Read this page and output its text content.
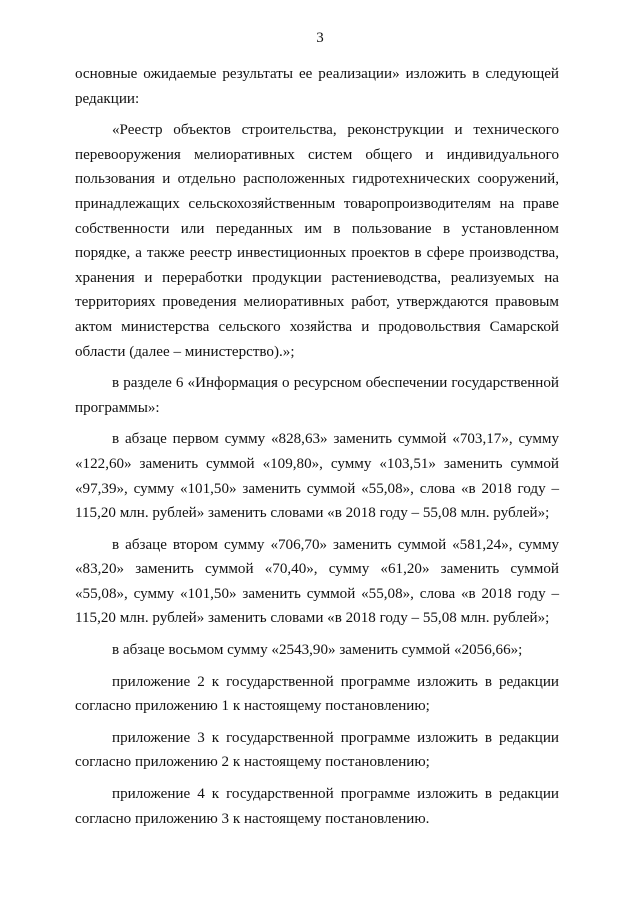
3

основные ожидаемые результаты ее реализации» изложить в следующей редакции:

«Реестр объектов строительства, реконструкции и технического перевооружения мелиоративных систем общего и индивидуального пользования и отдельно расположенных гидротехнических сооружений, принадлежащих сельскохозяйственным товаропроизводителям на праве собственности или переданных им в пользование в установленном порядке, а также реестр инвестиционных проектов в сфере производства, хранения и переработки продукции растениеводства, реализуемых на территориях проведения мелиоративных работ, утверждаются правовым актом министерства сельского хозяйства и продовольствия Самарской области (далее – министерство).»;

в разделе 6 «Информация о ресурсном обеспечении государственной программы»:

в абзаце первом сумму «828,63» заменить суммой «703,17», сумму «122,60» заменить суммой «109,80», сумму «103,51» заменить суммой «97,39», сумму «101,50» заменить суммой «55,08», слова «в 2018 году – 115,20 млн. рублей» заменить словами «в 2018 году – 55,08 млн. рублей»;

в абзаце втором сумму «706,70» заменить суммой «581,24», сумму «83,20» заменить суммой «70,40», сумму «61,20» заменить суммой «55,08», сумму «101,50» заменить суммой «55,08», слова «в 2018 году – 115,20 млн. рублей» заменить словами «в 2018 году – 55,08 млн. рублей»;

в абзаце восьмом сумму «2543,90» заменить суммой «2056,66»;

приложение 2 к государственной программе изложить в редакции согласно приложению 1 к настоящему постановлению;

приложение 3 к государственной программе изложить в редакции согласно приложению 2 к настоящему постановлению;

приложение 4 к государственной программе изложить в редакции согласно приложению 3 к настоящему постановлению.
